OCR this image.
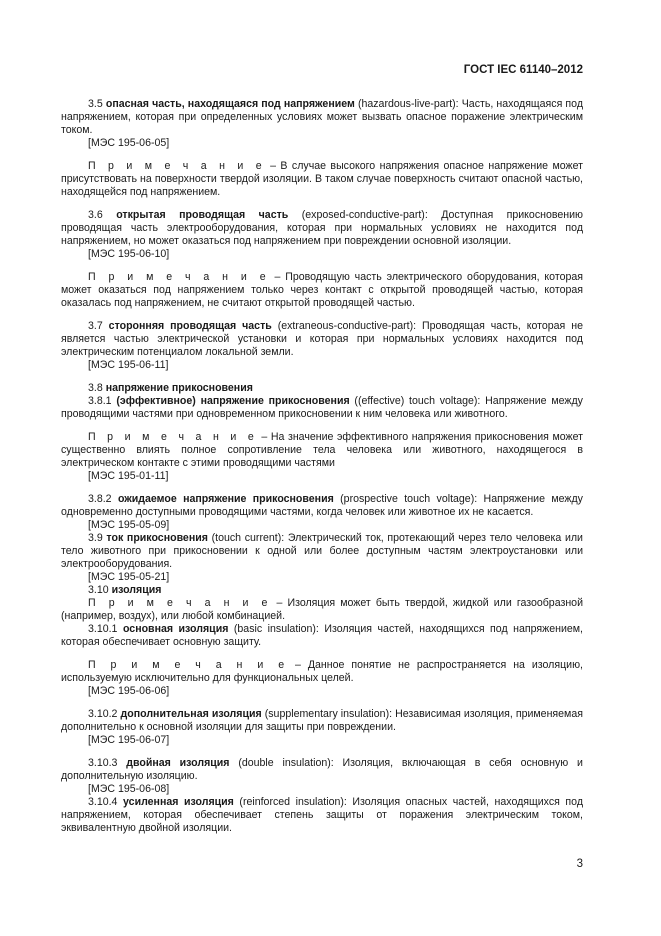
ГОСТ IEC 61140–2012

3.5 опасная часть, находящаяся под напряжением (hazardous-live-part): Часть, находящаяся под напряжением, которая при определенных условиях может вызвать опасное поражение электрическим током.

[МЭС 195-06-05]

П р и м е ч а н и е – В случае высокого напряжения опасное напряжение может присутствовать на поверхности твердой изоляции. В таком случае поверхность считают опасной частью, находящейся под напряжением.

3.6 открытая проводящая часть (exposed-conductive-part): Доступная прикосновению проводящая часть электрооборудования, которая при нормальных условиях не находится под напряжением, но может оказаться под напряжением при повреждении основной изоляции.

[МЭС 195-06-10]

П р и м е ч а н и е – Проводящую часть электрического оборудования, которая может оказаться под напряжением только через контакт с открытой проводящей частью, которая оказалась под напряжением, не считают открытой проводящей частью.

3.7 сторонняя проводящая часть (extraneous-conductive-part): Проводящая часть, которая не является частью электрической установки и которая при нормальных условиях находится под электрическим потенциалом локальной земли.

[МЭС 195-06-11]

3.8 напряжение прикосновения

3.8.1 (эффективное) напряжение прикосновения ((effective) touch voltage): Напряжение между проводящими частями при одновременном прикосновении к ним человека или животного.

П р и м е ч а н и е – На значение эффективного напряжения прикосновения может существенно влиять полное сопротивление тела человека или животного, находящегося в электрическом контакте с этими проводящими частями

[МЭС 195-01-11]

3.8.2 ожидаемое напряжение прикосновения (prospective touch voltage): Напряжение между одновременно доступными проводящими частями, когда человек или животное их не касается.

[МЭС 195-05-09]

3.9 ток прикосновения (touch current): Электрический ток, протекающий через тело человека или тело животного при прикосновении к одной или более доступным частям электроустановки или электрооборудования.

[МЭС 195-05-21]

3.10 изоляция

П р и м е ч а н и е – Изоляция может быть твердой, жидкой или газообразной (например, воздух), или любой комбинацией.

3.10.1 основная изоляция (basic insulation): Изоляция частей, находящихся под напряжением, которая обеспечивает основную защиту.

П р и м е ч а н и е – Данное понятие не распространяется на изоляцию, используемую исключительно для функциональных целей.

[МЭС 195-06-06]

3.10.2 дополнительная изоляция (supplementary insulation): Независимая изоляция, применяемая дополнительно к основной изоляции для защиты при повреждении.

[МЭС 195-06-07]

3.10.3 двойная изоляция (double insulation): Изоляция, включающая в себя основную и дополнительную изоляцию.

[МЭС 195-06-08]

3.10.4 усиленная изоляция (reinforced insulation): Изоляция опасных частей, находящихся под напряжением, которая обеспечивает степень защиты от поражения электрическим током, эквивалентную двойной изоляции.

3
